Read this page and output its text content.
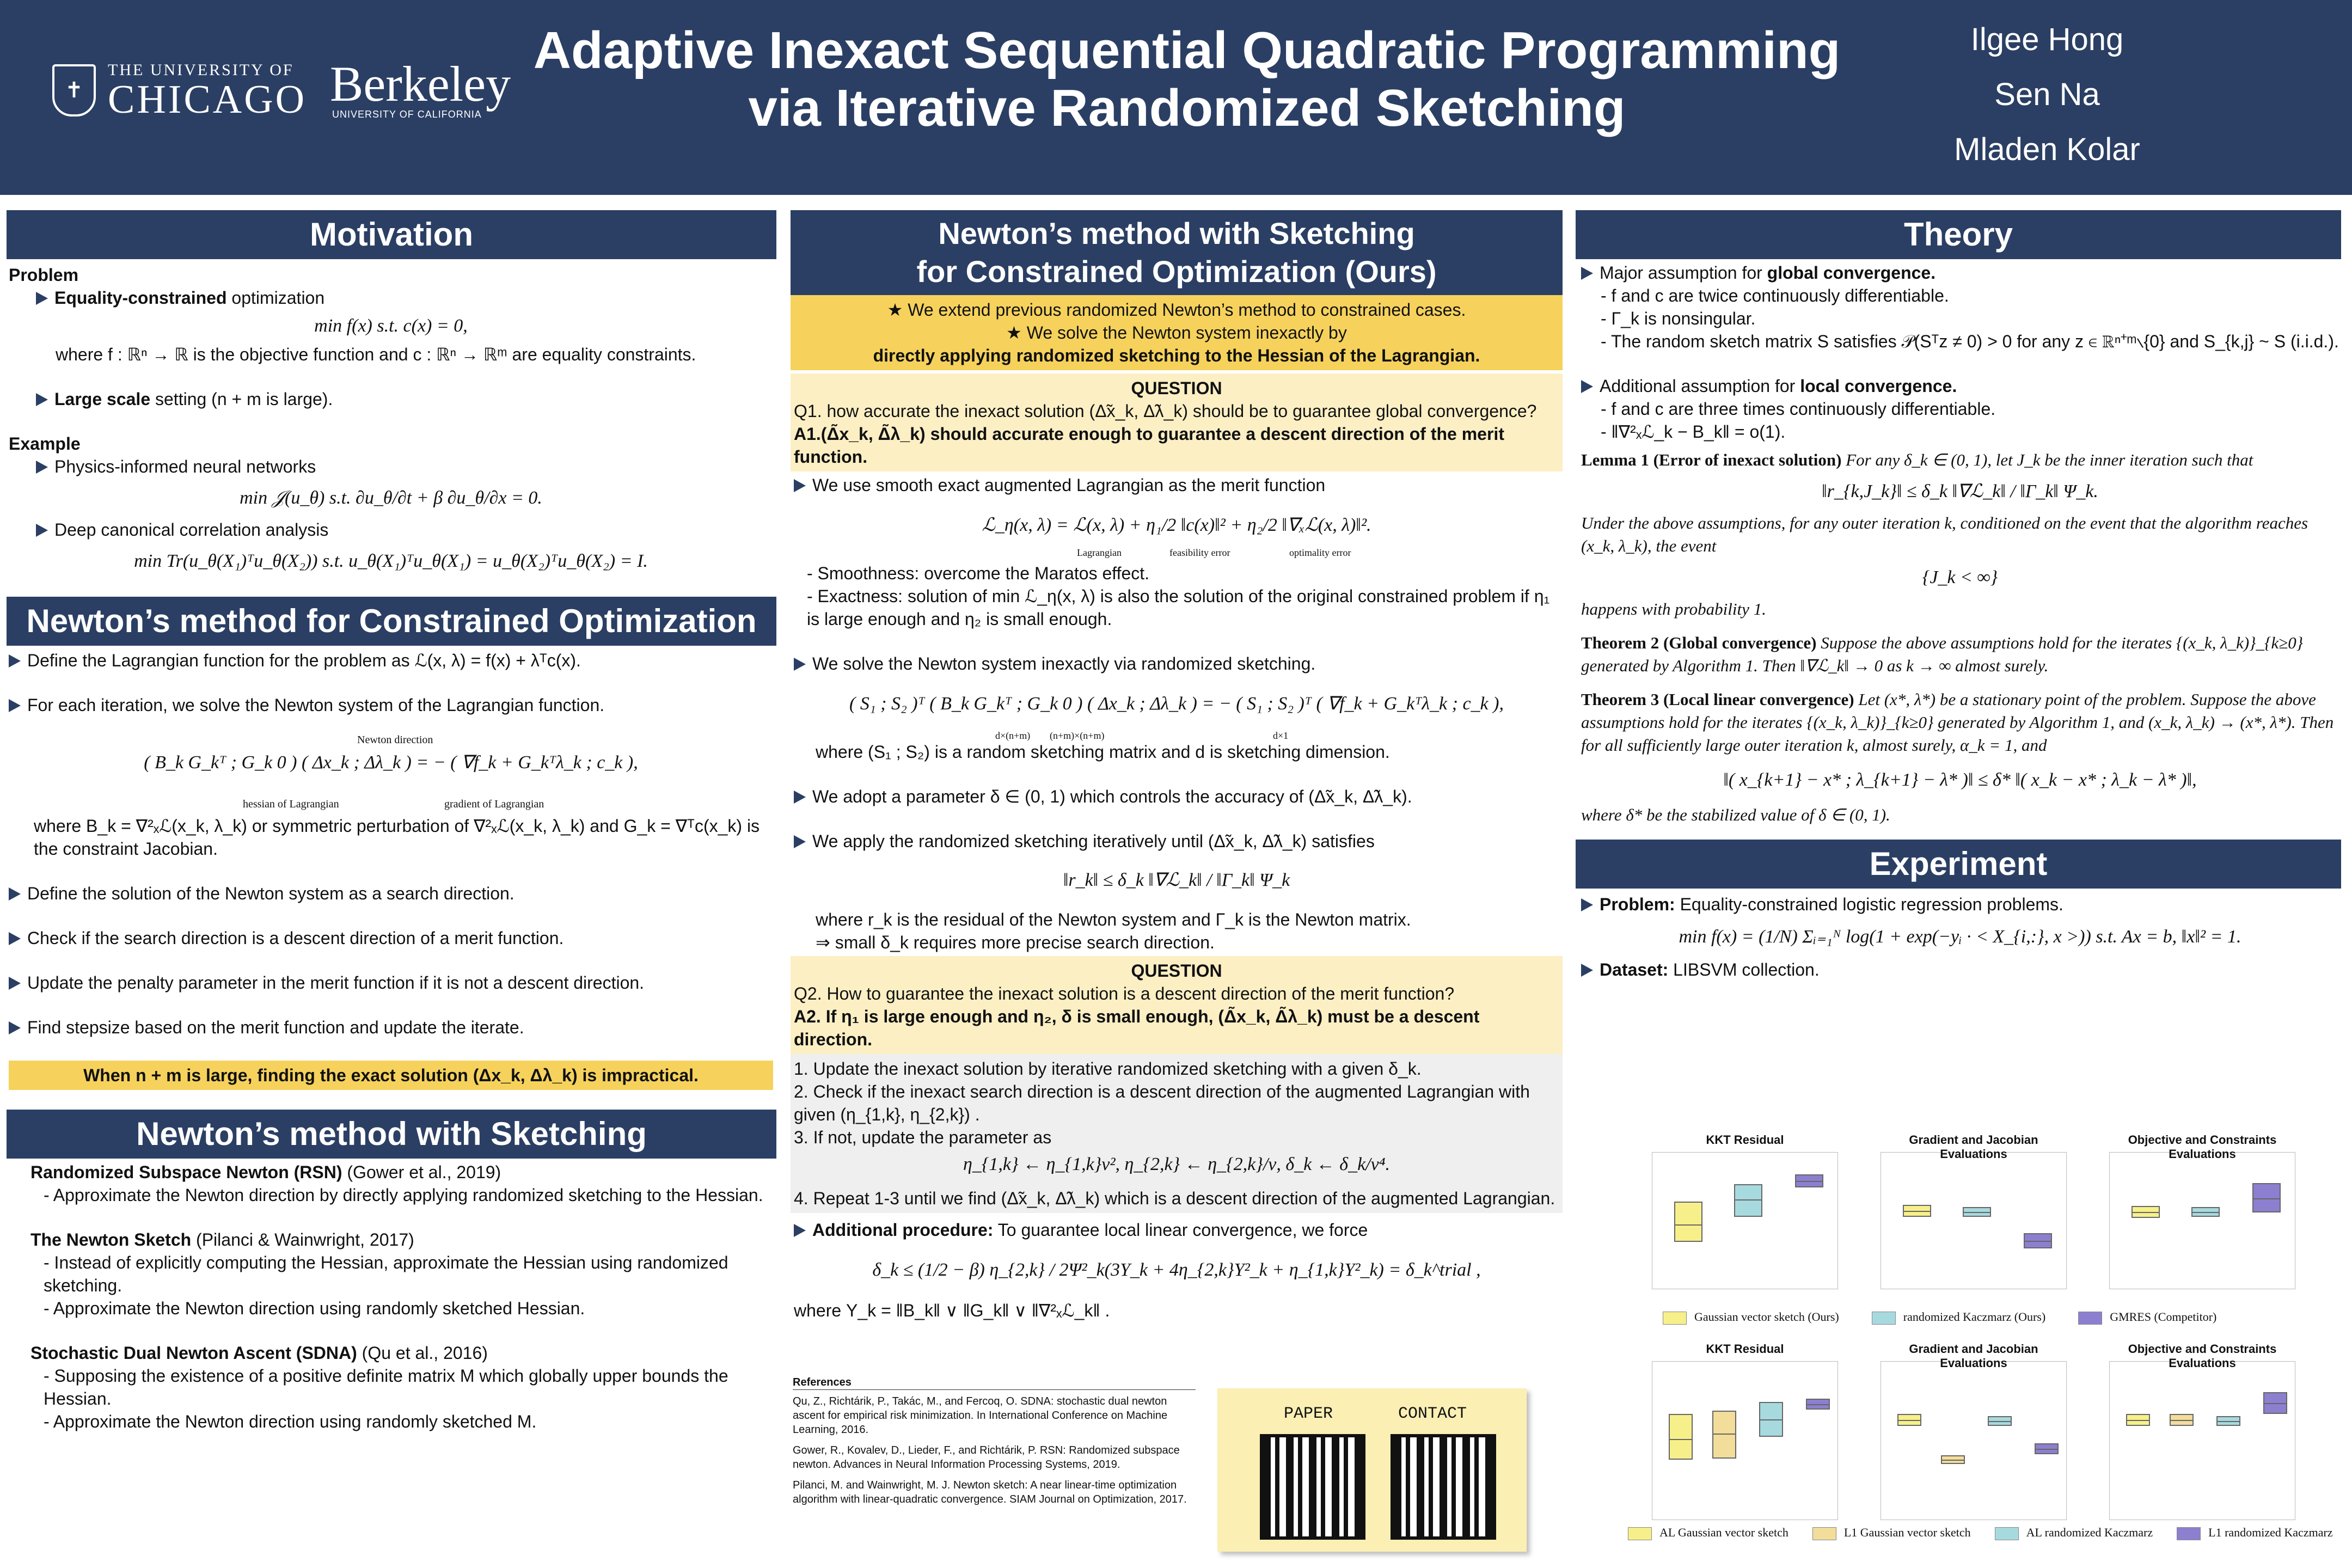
✝
THE UNIVERSITY OF
CHICAGO Berkeley
UNIVERSITY OF CALIFORNIA
Adaptive Inexact Sequential Quadratic Programming
via Iterative Randomized Sketching
Ilgee Hong
Sen Na
Mladen Kolar
Motivation

Problem

Equality-constrained optimization

min f(x) s.t. c(x) = 0,

where f : ℝⁿ → ℝ is the objective function and c : ℝⁿ → ℝᵐ are equality constraints.

Large scale setting (n + m is large).

Example

Physics-informed neural networks

min 𝒥(u_θ) s.t. ∂u_θ/∂t + β ∂u_θ/∂x = 0.

Deep canonical correlation analysis

min Tr(u_θ(X₁)ᵀu_θ(X₂)) s.t. u_θ(X₁)ᵀu_θ(X₁) = u_θ(X₂)ᵀu_θ(X₂) = I.

Newton’s method for Constrained Optimization

Define the Lagrangian function for the problem as ℒ(x, λ) = f(x) + λᵀc(x).

For each iteration, we solve the Newton system of the Lagrangian function.

Newton direction
( B_k G_kᵀ ; G_k 0 ) ( Δx_k ; Δλ_k ) = − ( ∇f_k + G_kᵀλ_k ; c_k ),
hessian of Lagrangian	gradient of Lagrangian

where B_k = ∇²ₓℒ(x_k, λ_k) or symmetric perturbation of ∇²ₓℒ(x_k, λ_k) and G_k = ∇ᵀc(x_k) is the constraint Jacobian.

Define the solution of the Newton system as a search direction.

Check if the search direction is a descent direction of a merit function.

Update the penalty parameter in the merit function if it is not a descent direction.

Find stepsize based on the merit function and update the iterate.

When n + m is large, finding the exact solution (Δx_k, Δλ_k) is impractical.

Newton’s method with Sketching

Randomized Subspace Newton (RSN) (Gower et al., 2019)

- Approximate the Newton direction by directly applying randomized sketching to the Hessian.

The Newton Sketch (Pilanci & Wainwright, 2017)

- Instead of explicitly computing the Hessian, approximate the Hessian using randomized sketching.

- Approximate the Newton direction using randomly sketched Hessian.

Stochastic Dual Newton Ascent (SDNA) (Qu et al., 2016)

- Supposing the existence of a positive definite matrix M which globally upper bounds the Hessian.

- Approximate the Newton direction using randomly sketched M.

Newton’s method with Sketching
for Constrained Optimization (Ours)

★ We extend previous randomized Newton’s method to constrained cases.

★ We solve the Newton system inexactly by

directly applying randomized sketching to the Hessian of the Lagrangian.

QUESTION

Q1. how accurate the inexact solution (Δ̃x_k, Δ̃λ_k) should be to guarantee global convergence?

A1.(Δ̃x_k, Δ̃λ_k) should accurate enough to guarantee a descent direction of the merit function.

We use smooth exact augmented Lagrangian as the merit function

ℒ_η(x, λ) = ℒ(x, λ) + η₁/2 ‖c(x)‖² + η₂/2 ‖∇ₓℒ(x, λ)‖².
Lagrangian	feasibility error	optimality error

- Smoothness: overcome the Maratos effect.

- Exactness: solution of min ℒ_η(x, λ) is also the solution of the original constrained problem if η₁ is large enough and η₂ is small enough.

We solve the Newton system inexactly via randomized sketching.

( S₁ ; S₂ )ᵀ ( B_k G_kᵀ ; G_k 0 ) ( Δx_k ; Δλ_k ) = − ( S₁ ; S₂ )ᵀ ( ∇f_k + G_kᵀλ_k ; c_k ),
d×(n+m) (n+m)×(n+m)	d×1

where (S₁ ; S₂) is a random sketching matrix and d is sketching dimension.

We adopt a parameter δ ∈ (0, 1) which controls the accuracy of (Δ̃x_k, Δ̃λ_k).

We apply the randomized sketching iteratively until (Δ̃x_k, Δ̃λ_k) satisfies

‖r_k‖ ≤ δ_k ‖∇ℒ_k‖ / ‖Γ_k‖ Ψ_k

where r_k is the residual of the Newton system and Γ_k is the Newton matrix.

⇒ small δ_k requires more precise search direction.

QUESTION

Q2. How to guarantee the inexact solution is a descent direction of the merit function?

A2. If η₁ is large enough and η₂, δ is small enough, (Δ̃x_k, Δ̃λ_k) must be a descent direction.

1. Update the inexact solution by iterative randomized sketching with a given δ_k.

2. Check if the inexact search direction is a descent direction of the augmented Lagrangian with given (η_{1,k}, η_{2,k}) .

3. If not, update the parameter as

η_{1,k} ← η_{1,k}ν², η_{2,k} ← η_{2,k}/ν, δ_k ← δ_k/ν⁴.

4. Repeat 1-3 until we find (Δ̃x_k, Δ̃λ_k) which is a descent direction of the augmented Lagrangian.

Additional procedure: To guarantee local linear convergence, we force

δ_k ≤ (1/2 − β) η_{2,k} / 2Ψ²_k(3Υ_k + 4η_{2,k}Υ²_k + η_{1,k}Υ²_k) = δ_k^trial ,

where Υ_k = ‖B_k‖ ∨ ‖G_k‖ ∨ ‖∇²ₓℒ_k‖ .

References

Qu, Z., Richtárik, P., Takác, M., and Fercoq, O. SDNA: stochastic dual newton ascent for empirical risk minimization. In International Conference on Machine Learning, 2016.

Gower, R., Kovalev, D., Lieder, F., and Richtárik, P. RSN: Randomized subspace newton. Advances in Neural Information Processing Systems, 2019.

Pilanci, M. and Wainwright, M. J. Newton sketch: A near linear-time optimization algorithm with linear-quadratic convergence. SIAM Journal on Optimization, 2017.

PAPER	CONTACT
Theory

Major assumption for global convergence.

- f and c are twice continuously differentiable.

- Γ_k is nonsingular.

- The random sketch matrix S satisfies 𝒫(Sᵀz ≠ 0) > 0 for any z ∈ ℝⁿ⁺ᵐ∖{0} and S_{k,j} ~ S (i.i.d.).

Additional assumption for local convergence.

- f and c are three times continuously differentiable.

- ‖∇²ₓℒ_k − B_k‖ = o(1).

Lemma 1 (Error of inexact solution) For any δ_k ∈ (0, 1), let J_k be the inner iteration such that

‖r_{k,J_k}‖ ≤ δ_k ‖∇ℒ_k‖ / ‖Γ_k‖ Ψ_k.

Under the above assumptions, for any outer iteration k, conditioned on the event that the algorithm reaches (x_k, λ_k), the event

{J_k < ∞}

happens with probability 1.

Theorem 2 (Global convergence) Suppose the above assumptions hold for the iterates {(x_k, λ_k)}_{k≥0} generated by Algorithm 1. Then ‖∇ℒ_k‖ → 0 as k → ∞ almost surely.

Theorem 3 (Local linear convergence) Let (x*, λ*) be a stationary point of the problem. Suppose the above assumptions hold for the iterates {(x_k, λ_k)}_{k≥0} generated by Algorithm 1, and (x_k, λ_k) → (x*, λ*). Then for all sufficiently large outer iteration k, almost surely, α_k = 1, and

‖( x_{k+1} − x* ; λ_{k+1} − λ* )‖ ≤ δ* ‖( x_k − x* ; λ_k − λ* )‖,

where δ* be the stabilized value of δ ∈ (0, 1).

Experiment

Problem: Equality-constrained logistic regression problems.

min f(x) = (1/N) Σᵢ₌₁ᴺ log(1 + exp(−yᵢ · < X_{i,:}, x >)) s.t. Ax = b, ‖x‖² = 1.

Dataset: LIBSVM collection.

KKT Residual	Gradient and Jacobian Evaluations
Objective and Constraints Evaluations
Gaussian vector sketch (Ours)	randomized Kaczmarz (Ours)	GMRES (Competitor)
KKT Residual	Gradient and Jacobian Evaluations
Objective and Constraints Evaluations
AL Gaussian vector sketch	L1 Gaussian vector sketch	AL randomized Kaczmarz	L1 randomized Kaczmarz
